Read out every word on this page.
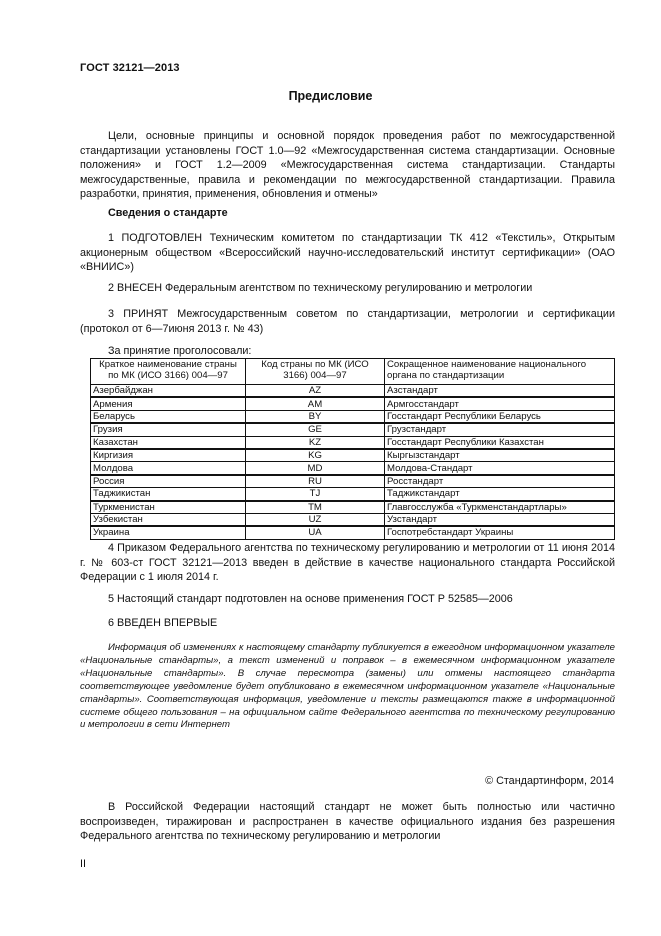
ГОСТ 32121—2013
Предисловие
Цели, основные принципы и основной порядок проведения работ по межгосударственной стандартизации установлены ГОСТ 1.0—92 «Межгосударственная система стандартизации. Основные положения» и ГОСТ 1.2—2009 «Межгосударственная система стандартизации. Стандарты межгосударственные, правила и рекомендации по межгосударственной стандартизации. Правила разработки, принятия, применения, обновления и отмены»
Сведения о стандарте
1 ПОДГОТОВЛЕН Техническим комитетом по стандартизации ТК 412 «Текстиль», Открытым акционерным обществом «Всероссийский научно-исследовательский институт сертификации» (ОАО «ВНИИС»)
2 ВНЕСЕН Федеральным агентством по техническому регулированию и метрологии
3 ПРИНЯТ Межгосударственным советом по стандартизации, метрологии и сертификации (протокол от 6—7июня 2013 г. № 43)
За принятие проголосовали:
Краткое наименование страны по МК (ИСО 3166) 004—97	Код страны по МК (ИСО 3166) 004—97	Сокращенное наименование национального органа по стандартизации
Азербайджан	AZ	Азстандарт
Армения	AM	Армгосстандарт
Беларусь	BY	Госстандарт Республики Беларусь
Грузия	GE	Грузстандарт
Казахстан	KZ	Госстандарт Республики Казахстан
Киргизия	KG	Кыргызстандарт
Молдова	MD	Молдова-Стандарт
Россия	RU	Росстандарт
Таджикистан	TJ	Таджикстандарт
Туркменистан	TM	Главгосслужба «Туркменстандартлары»
Узбекистан	UZ	Узстандарт
Украина	UA	Госпотребстандарт Украины
4 Приказом Федерального агентства по техническому регулированию и метрологии от 11 июня 2014 г. № 603-ст ГОСТ 32121—2013 введен в действие в качестве национального стандарта Российской Федерации с 1 июля 2014 г.
5 Настоящий стандарт подготовлен на основе применения ГОСТ Р 52585—2006
6 ВВЕДЕН ВПЕРВЫЕ
Информация об изменениях к настоящему стандарту публикуется в ежегодном информационном указателе «Национальные стандарты», а текст изменений и поправок – в ежемесячном информационном указателе «Национальные стандарты». В случае пересмотра (замены) или отмены настоящего стандарта соответствующее уведомление будет опубликовано в ежемесячном информационном указателе «Национальные стандарты». Соответствующая информация, уведомление и тексты размещаются также в информационной системе общего пользования – на официальном сайте Федерального агентства по техническому регулированию и метрологии в сети Интернет
© Стандартинформ, 2014
В Российской Федерации настоящий стандарт не может быть полностью или частично воспроизведен, тиражирован и распространен в качестве официального издания без разрешения Федерального агентства по техническому регулированию и метрологии
II
